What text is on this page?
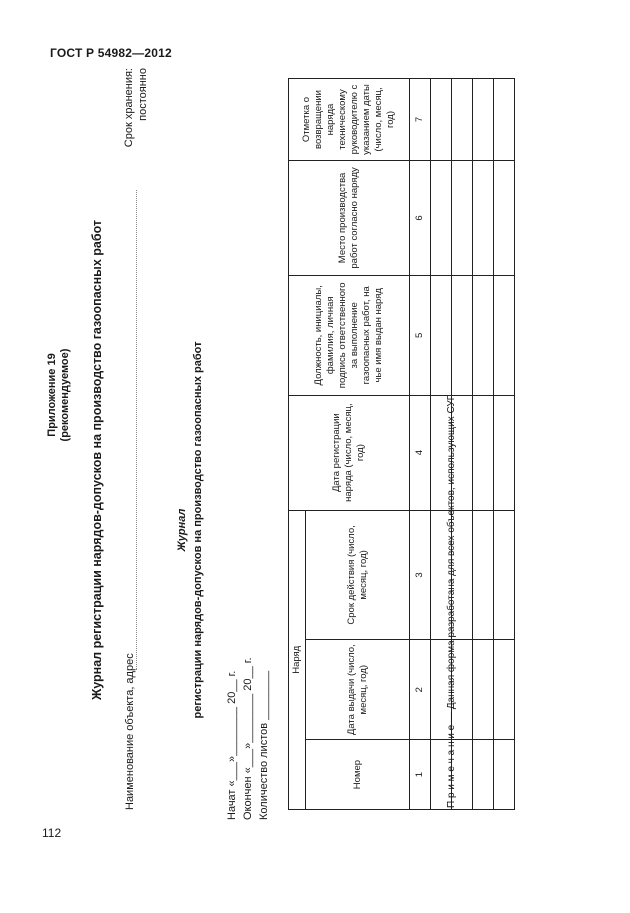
ГОСТ Р 54982—2012
112
Приложение 19 (рекомендуемое) Журнал регистрации нарядов-допусков на производство газоопасных работ
Наименование объекта, адрес
Срок хранения: постоянно
Журнал регистрации нарядов-допусков на производство газоопасных работ
Начат «___»________ 20__ г. Окончен «___»________ 20__ г. Количество листов ________
Наряд			Дата регистрации наряда (число, месяц, год)	Должность, инициалы, фамилия, личная подпись ответственного за выполнение газоопасных работ, на чье имя выдан наряд	Место производства работ согласно наряду	Отметка о возвращении наряда техническому руководителю с указанием даты (число, месяц, год)
Номер	Дата выдачи (число, месяц, год)	Срок действия (число, месяц, год)				
1	2	3	4	5	6	7

П р и м е ч а н и е — Данная форма разработана для всех объектов, использующих СУГ
